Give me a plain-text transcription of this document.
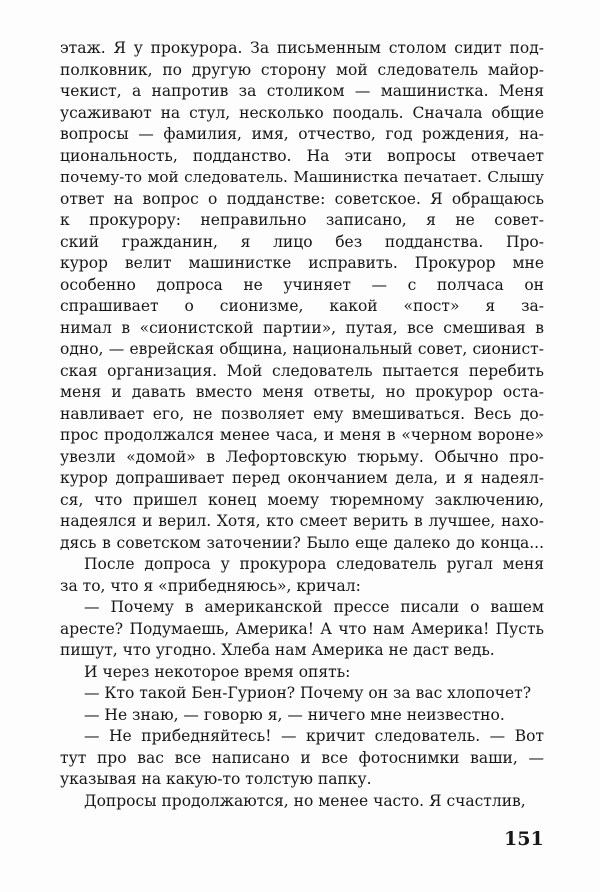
этаж. Я у прокурора. За письменным столом сидит под-
полковник, по другую сторону мой следователь майор-
чекист, а напротив за столиком — машинистка. Меня
усаживают на стул, несколько поодаль. Сначала общие
вопросы — фамилия, имя, отчество, год рождения, на-
циональность, подданство. На эти вопросы отвечает
почему-то мой следователь. Машинистка печатает. Слышу
ответ на вопрос о подданстве: советское. Я обращаюсь
к прокурору: неправильно записано, я не совет-
ский гражданин, я лицо без подданства. Про-
курор велит машинистке исправить. Прокурор мне
особенно допроса не учиняет — с полчаса он
спрашивает о сионизме, какой «пост» я за-
нимал в «сионистской партии», путая, все смешивая в
одно, — еврейская община, национальный совет, сионист-
ская организация. Мой следователь пытается перебить
меня и давать вместо меня ответы, но прокурор оста-
навливает его, не позволяет ему вмешиваться. Весь до-
прос продолжался менее часа, и меня в «черном вороне»
увезли «домой» в Лефортовскую тюрьму. Обычно про-
курор допрашивает перед окончанием дела, и я надеял-
ся, что пришел конец моему тюремному заключению,
надеялся и верил. Хотя, кто смеет верить в лучшее, нахо-
дясь в советском заточении? Было еще далеко до конца...
После допроса у прокурора следователь ругал меня
за то, что я «прибедняюсь», кричал:
— Почему в американской прессе писали о вашем
аресте? Подумаешь, Америка! А что нам Америка! Пусть
пишут, что угодно. Хлеба нам Америка не даст ведь.
И через некоторое время опять:
— Кто такой Бен-Гурион? Почему он за вас хлопочет?
— Не знаю, — говорю я, — ничего мне неизвестно.
— Не прибедняйтесь! — кричит следователь. — Вот
тут про вас все написано и все фотоснимки ваши, —
указывая на какую-то толстую папку.
Допросы продолжаются, но менее часто. Я счастлив,
151
